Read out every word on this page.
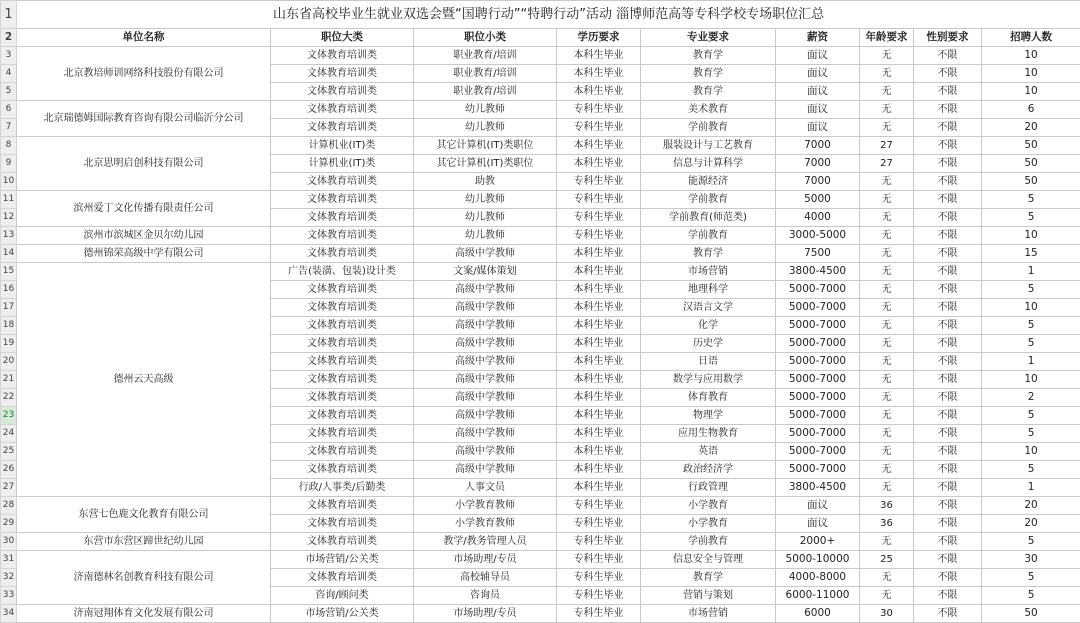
1	山东省高校毕业生就业双选会暨“国聘行动”“特聘行动”活动 淄博师范高等专科学校专场职位汇总								
2	单位名称	职位大类	职位小类	学历要求	专业要求	薪资	年龄要求	性别要求	招聘人数
3	北京教培师训网络科技股份有限公司	文体教育培训类	职业教育/培训	本科生毕业	教育学	面议	无	不限	10
4		文体教育培训类	职业教育/培训	本科生毕业	教育学	面议	无	不限	10
5		文体教育培训类	职业教育/培训	本科生毕业	教育学	面议	无	不限	10
6	北京瑞德姆国际教育咨询有限公司临沂分公司	文体教育培训类	幼儿教师	专科生毕业	美术教育	面议	无	不限	6
7		文体教育培训类	幼儿教师	专科生毕业	学前教育	面议	无	不限	20
8	北京思明启创科技有限公司	计算机业(IT)类	其它计算机(IT)类职位	本科生毕业	服装设计与工艺教育	7000	27	不限	50
9		计算机业(IT)类	其它计算机(IT)类职位	本科生毕业	信息与计算科学	7000	27	不限	50
10		文体教育培训类	助教	专科生毕业	能源经济	7000	无	不限	50
11	滨州爱丁文化传播有限责任公司	文体教育培训类	幼儿教师	专科生毕业	学前教育	5000	无	不限	5
12		文体教育培训类	幼儿教师	专科生毕业	学前教育(师范类)	4000	无	不限	5
13	滨州市滨城区金贝尔幼儿园	文体教育培训类	幼儿教师	专科生毕业	学前教育	3000-5000	无	不限	10
14	德州锦荣高级中学有限公司	文体教育培训类	高级中学教师	本科生毕业	教育学	7500	无	不限	15
15	德州云天高级	广告(装潢、包装)设计类	文案/媒体策划	本科生毕业	市场营销	3800-4500	无	不限	1
16		文体教育培训类	高级中学教师	本科生毕业	地理科学	5000-7000	无	不限	5
17		文体教育培训类	高级中学教师	本科生毕业	汉语言文学	5000-7000	无	不限	10
18		文体教育培训类	高级中学教师	本科生毕业	化学	5000-7000	无	不限	5
19		文体教育培训类	高级中学教师	本科生毕业	历史学	5000-7000	无	不限	5
20		文体教育培训类	高级中学教师	本科生毕业	日语	5000-7000	无	不限	1
21		文体教育培训类	高级中学教师	本科生毕业	数学与应用数学	5000-7000	无	不限	10
22		文体教育培训类	高级中学教师	本科生毕业	体育教育	5000-7000	无	不限	2
23		文体教育培训类	高级中学教师	本科生毕业	物理学	5000-7000	无	不限	5
24		文体教育培训类	高级中学教师	本科生毕业	应用生物教育	5000-7000	无	不限	5
25		文体教育培训类	高级中学教师	本科生毕业	英语	5000-7000	无	不限	10
26		文体教育培训类	高级中学教师	本科生毕业	政治经济学	5000-7000	无	不限	5
27		行政/人事类/后勤类	人事文员	本科生毕业	行政管理	3800-4500	无	不限	1
28	东营七色鹿文化教育有限公司	文体教育培训类	小学教育教师	专科生毕业	小学教育	面议	36	不限	20
29		文体教育培训类	小学教育教师	专科生毕业	小学教育	面议	36	不限	20
30	东营市东营区蹄世纪幼儿园	文体教育培训类	教学/教务管理人员	专科生毕业	学前教育	2000+	无	不限	5
31	济南德林名创教育科技有限公司	市场营销/公关类	市场助理/专员	专科生毕业	信息安全与管理	5000-10000	25	不限	30
32		文体教育培训类	高校辅导员	专科生毕业	教育学	4000-8000	无	不限	5
33		咨询/顾问类	咨询员	专科生毕业	营销与策划	6000-11000	无	不限	5
34	济南冠翔体育文化发展有限公司	市场营销/公关类	市场助理/专员	专科生毕业	市场营销	6000	30	不限	50
